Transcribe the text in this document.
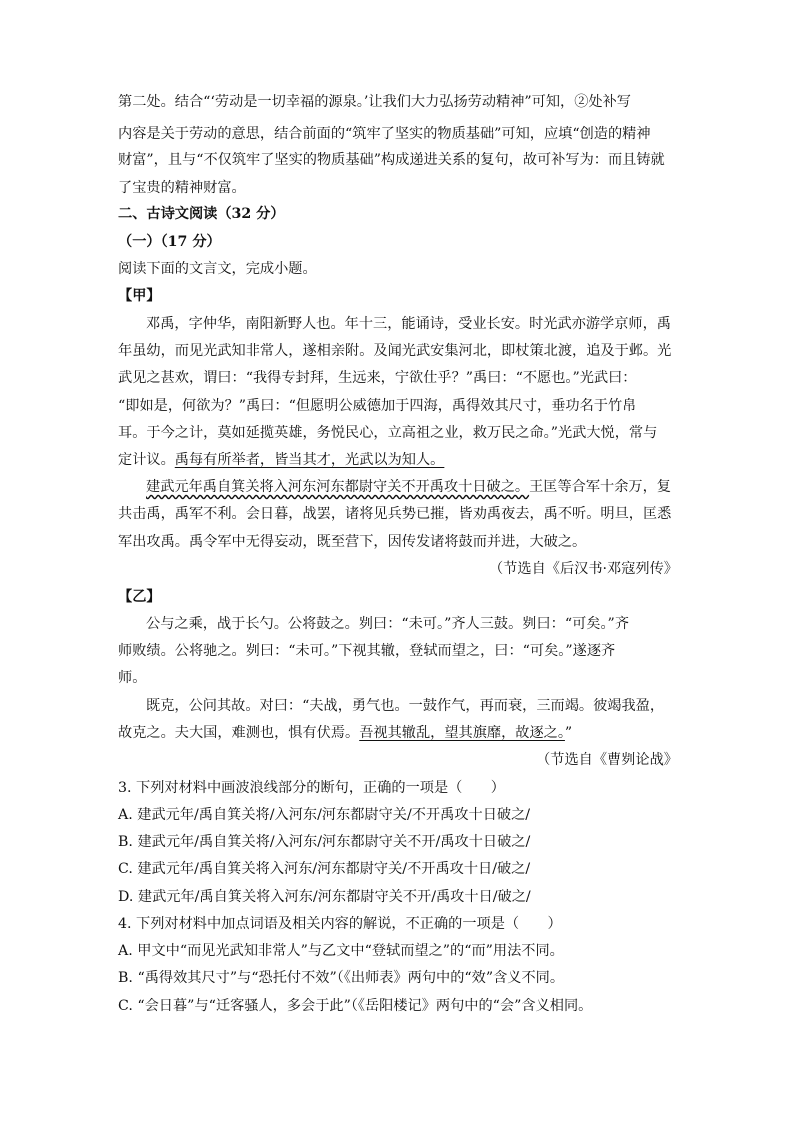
第二处。结合“‘劳动是一切幸福的源泉。’让我们大力弘扬劳动精神”可知，②处补写
内容是关于劳动的意思，结合前面的“筑牢了坚实的物质基础”可知，应填“创造的精神
财富”，且与“不仅筑牢了坚实的物质基础”构成递进关系的复句，故可补写为：而且铸就
了宝贵的精神财富。
二、古诗文阅读（32 分）
（一）（17 分）
阅读下面的文言文，完成小题。
【甲】
邓禹，字仲华，南阳新野人也。年十三，能诵诗，受业长安。时光武亦游学京师，禹
年虽幼，而见光武知非常人，遂相亲附。及闻光武安集河北，即杖策北渡，追及于邺。光
武见之甚欢，谓曰：“我得专封拜，生远来，宁欲仕乎？”禹曰：“不愿也。”光武曰：
“即如是，何欲为？”禹曰：“但愿明公威德加于四海，禹得效其尺寸，垂功名于竹帛
耳。于今之计，莫如延揽英雄，务悦民心，立高祖之业，救万民之命。”光武大悦，常与
定计议。禹每有所举者，皆当其才，光武以为知人。
建武元年禹自箕关将入河东河东都尉守关不开禹攻十日破之。王匡等合军十余万，复
共击禹，禹军不利。会日暮，战罢，诸将见兵势已摧，皆劝禹夜去，禹不听。明旦，匡悉
军出攻禹。禹令军中无得妄动，既至营下，因传发诸将鼓而并进，大破之。
（节选自《后汉书·邓寇列传》
【乙】
公与之乘，战于长勺。公将鼓之。刿曰：“未可。”齐人三鼓。刿曰：“可矣。”齐
师败绩。公将驰之。刿曰：“未可。”下视其辙，登轼而望之，曰：“可矣。”遂逐齐
师。
既克，公问其故。对曰：“夫战，勇气也。一鼓作气，再而衰，三而竭。彼竭我盈，
故克之。夫大国，难测也，惧有伏焉。吾视其辙乱，望其旗靡，故逐之。”
（节选自《曹刿论战》
3. 下列对材料中画波浪线部分的断句，正确的一项是（　　）
A. 建武元年/禹自箕关将/入河东/河东都尉守关/不开禹攻十日破之/
B. 建武元年/禹自箕关将/入河东/河东都尉守关不开/禹攻十日破之/
C. 建武元年/禹自箕关将入河东/河东都尉守关/不开禹攻十日/破之/
D. 建武元年/禹自箕关将入河东/河东都尉守关不开/禹攻十日/破之/
4. 下列对材料中加点词语及相关内容的解说，不正确的一项是（　　）
A. 甲文中“而见光武知非常人”与乙文中“登轼而望之”的“而”用法不同。
B. “禹得效其尺寸”与“恐托付不效”（《出师表》两句中的“效”含义不同。
C. “会日暮”与“迁客骚人，多会于此”（《岳阳楼记》两句中的“会”含义相同。
